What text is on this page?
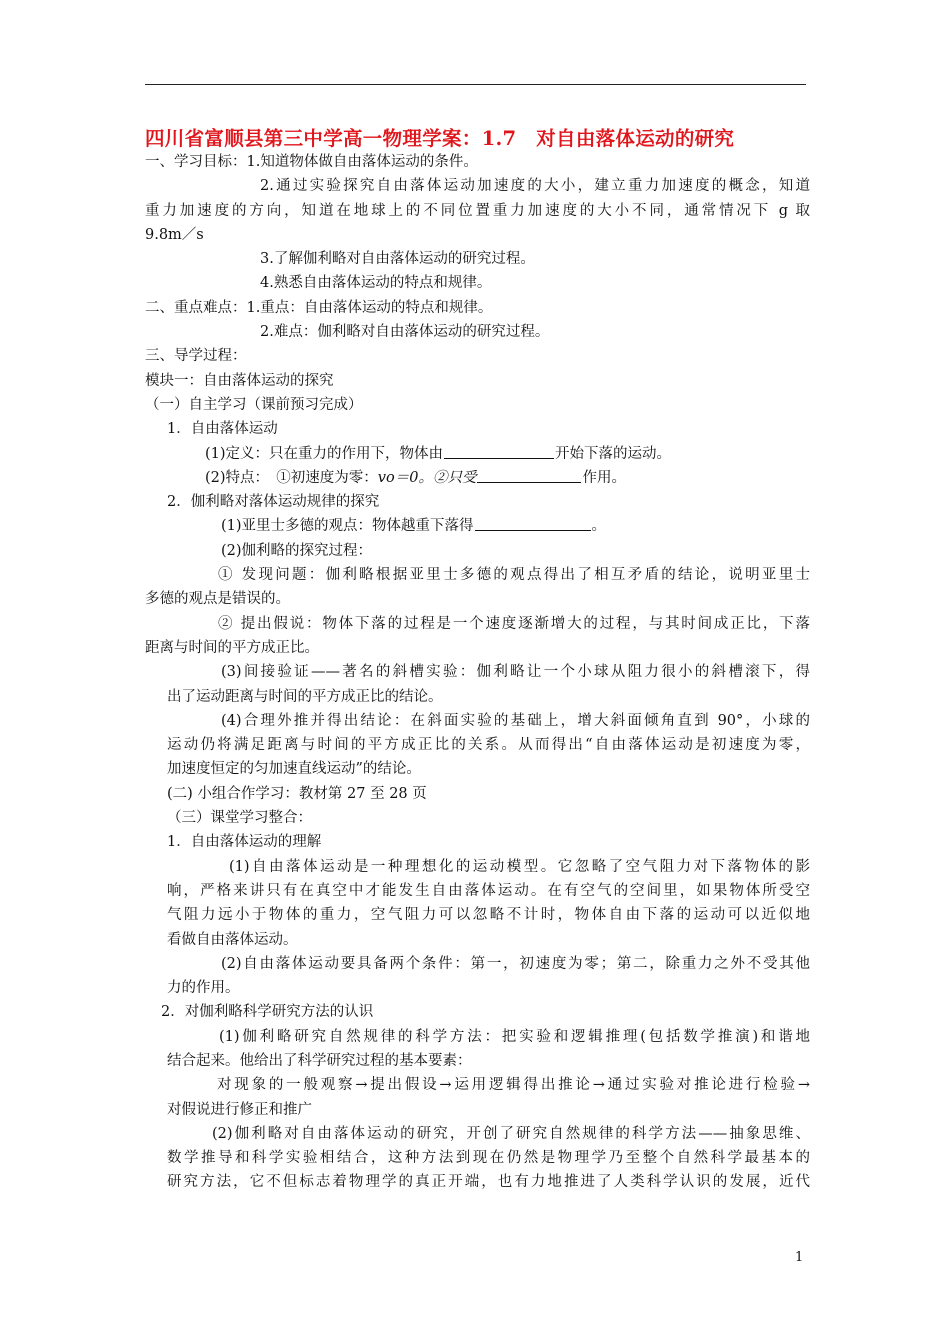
四川省富顺县第三中学高一物理学案：1.7　对自由落体运动的研究
一、学习目标：1.知道物体做自由落体运动的条件。
2.通过实验探究自由落体运动加速度的大小，建立重力加速度的概念，知道
重力加速度的方向，知道在地球上的不同位置重力加速度的大小不同，通常情况下 g 取
9.8m／s
3.了解伽利略对自由落体运动的研究过程。
4.熟悉自由落体运动的特点和规律。
二、重点难点：1.重点：自由落体运动的特点和规律。
2.难点：伽利略对自由落体运动的研究过程。
三、导学过程：
模块一：自由落体运动的探究
（一）自主学习（课前预习完成）
1．自由落体运动
(1)定义：只在重力的作用下，物体由	开始下落的运动。
(2)特点：　①初速度为零：vo＝0。②只受	作用。
2．伽利略对落体运动规律的探究
(1)亚里士多德的观点：物体越重下落得	。
(2)伽利略的探究过程：
① 发现问题：伽利略根据亚里士多德的观点得出了相互矛盾的结论，说明亚里士
多德的观点是错误的。
② 提出假说：物体下落的过程是一个速度逐渐增大的过程，与其时间成正比，下落
距离与时间的平方成正比。
(3)间接验证——著名的斜槽实验：伽利略让一个小球从阻力很小的斜槽滚下，得
出了运动距离与时间的平方成正比的结论。
(4)合理外推并得出结论：在斜面实验的基础上，增大斜面倾角直到 90°，小球的
运动仍将满足距离与时间的平方成正比的关系。从而得出“自由落体运动是初速度为零，
加速度恒定的匀加速直线运动”的结论。
(二) 小组合作学习：教材第 27 至 28 页
（三）课堂学习整合：
1．自由落体运动的理解
(1)自由落体运动是一种理想化的运动模型。它忽略了空气阻力对下落物体的影
响，严格来讲只有在真空中才能发生自由落体运动。在有空气的空间里，如果物体所受空
气阻力远小于物体的重力，空气阻力可以忽略不计时，物体自由下落的运动可以近似地
看做自由落体运动。
(2)自由落体运动要具备两个条件：第一，初速度为零；第二，除重力之外不受其他
力的作用。
2．对伽利略科学研究方法的认识
(1)伽利略研究自然规律的科学方法：把实验和逻辑推理(包括数学推演)和谐地
结合起来。他给出了科学研究过程的基本要素：
对现象的一般观察→提出假设→运用逻辑得出推论→通过实验对推论进行检验→
对假说进行修正和推广
(2)伽利略对自由落体运动的研究，开创了研究自然规律的科学方法——抽象思维、
数学推导和科学实验相结合，这种方法到现在仍然是物理学乃至整个自然科学最基本的
研究方法，它不但标志着物理学的真正开端，也有力地推进了人类科学认识的发展，近代
1
